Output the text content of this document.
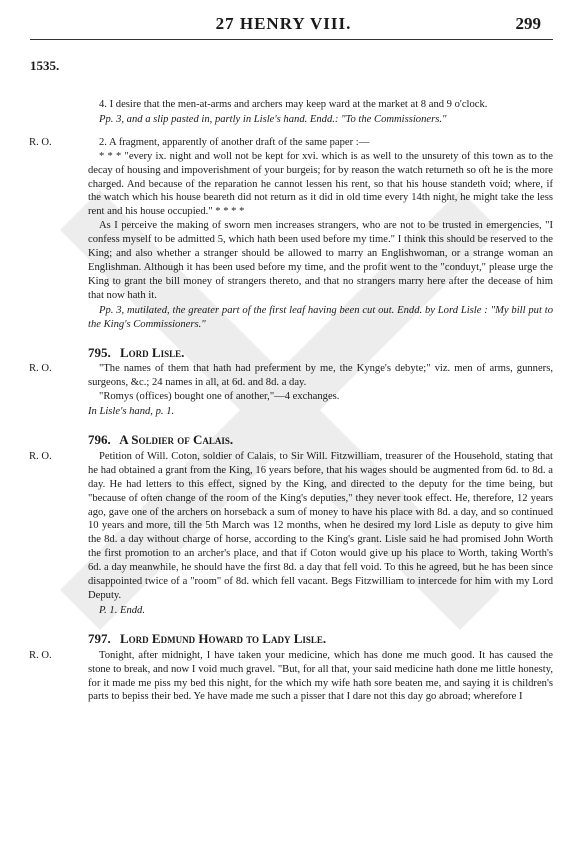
27 HENRY VIII.	299
1535.

4. I desire that the men-at-arms and archers may keep ward at the market at 8 and 9 o'clock.

Pp. 3, and a slip pasted in, partly in Lisle's hand. Endd.: "To the Commissioners."

R. O.	2. A fragment, apparently of another draft of the same paper :—

* * * "every ix. night and woll not be kept for xvi. which is as well to the unsurety of this town as to the decay of housing and impoverishment of your burgeis; for by reason the watch returneth so oft he is the more charged. And because of the reparation he cannot lessen his rent, so that his house standeth void; where, if the watch which his house beareth did not return as it did in old time every 14th night, he might take the less rent and his house occupied." * * * *

As I perceive the making of sworn men increases strangers, who are not to be trusted in emergencies, "I confess myself to be admitted 5, which hath been used before my time." I think this should be reserved to the King; and also whether a stranger should be allowed to marry an Englishwoman, or a strange woman an Englishman. Although it has been used before my time, and the profit went to the "conduyt," please urge the King to grant the bill money of strangers thereto, and that no strangers marry here after the decease of him that now hath it.

Pp. 3, mutilated, the greater part of the first leaf having been cut out. Endd. by Lord Lisle : "My bill put to the King's Commissioners."

795. Lord Lisle.

R. O.	"The names of them that hath had preferment by me, the Kynge's debyte;" viz. men of arms, gunners, surgeons, &c.; 24 names in all, at 6d. and 8d. a day.

"Romys (offices) bought one of another,"—4 exchanges.

In Lisle's hand, p. 1.

796. A Soldier of Calais.

R. O.	Petition of Will. Coton, soldier of Calais, to Sir Will. Fitzwilliam, treasurer of the Household, stating that he had obtained a grant from the King, 16 years before, that his wages should be augmented from 6d. to 8d. a day. He had letters to this effect, signed by the King, and directed to the deputy for the time being, but "because of often change of the room of the King's deputies," they never took effect. He, therefore, 12 years ago, gave one of the archers on horseback a sum of money to have his place with 8d. a day, and so continued 10 years and more, till the 5th March was 12 months, when he desired my lord Lisle as deputy to give him the 8d. a day without charge of horse, according to the King's grant. Lisle said he had promised John Worth the first promotion to an archer's place, and that if Coton would give up his place to Worth, taking Worth's 6d. a day meanwhile, he should have the first 8d. a day that fell void. To this he agreed, but he has been since disappointed twice of a "room" of 8d. which fell vacant. Begs Fitzwilliam to intercede for him with my Lord Deputy.

P. 1. Endd.

797. Lord Edmund Howard to Lady Lisle.

R. O.	Tonight, after midnight, I have taken your medicine, which has done me much good. It has caused the stone to break, and now I void much gravel. "But, for all that, your said medicine hath done me little honesty, for it made me piss my bed this night, for the which my wife hath sore beaten me, and saying it is children's parts to bepiss their bed. Ye have made me such a pisser that I dare not this day go abroad; wherefore I
